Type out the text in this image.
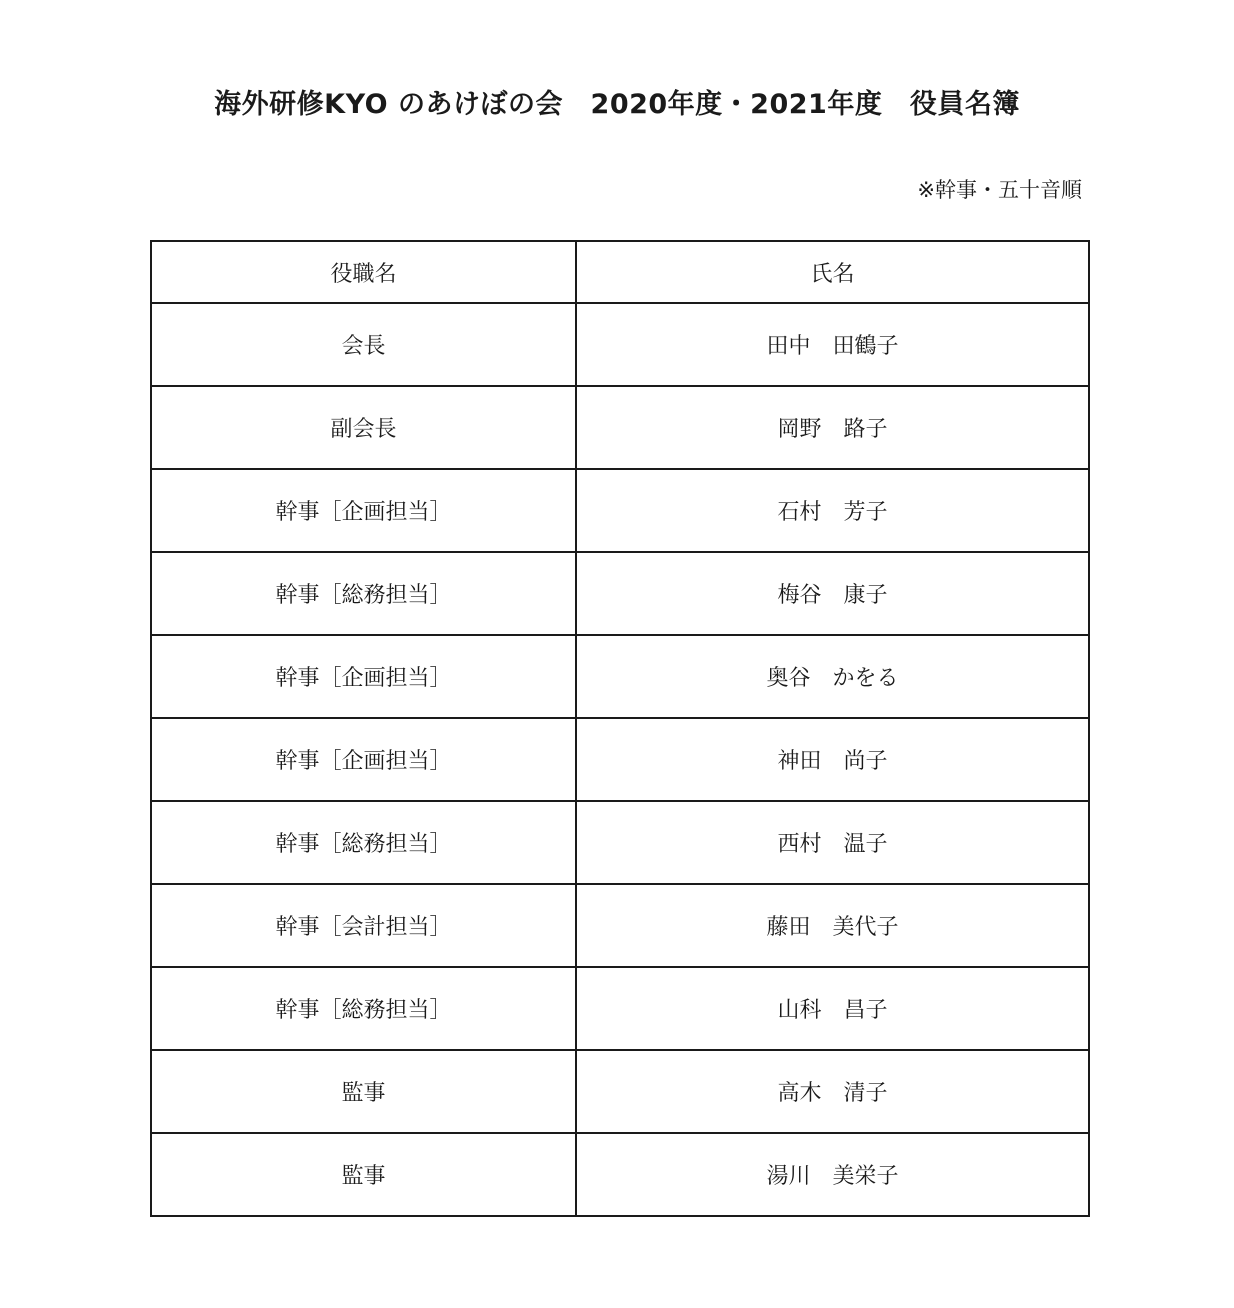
海外研修KYO のあけぼの会　2020年度・2021年度　役員名簿
※幹事・五十音順
役職名	氏名
会長	田中　田鶴子
副会長	岡野　路子
幹事［企画担当］	石村　芳子
幹事［総務担当］	梅谷　康子
幹事［企画担当］	奥谷　かをる
幹事［企画担当］	神田　尚子
幹事［総務担当］	西村　温子
幹事［会計担当］	藤田　美代子
幹事［総務担当］	山科　昌子
監事	高木　清子
監事	湯川　美栄子
